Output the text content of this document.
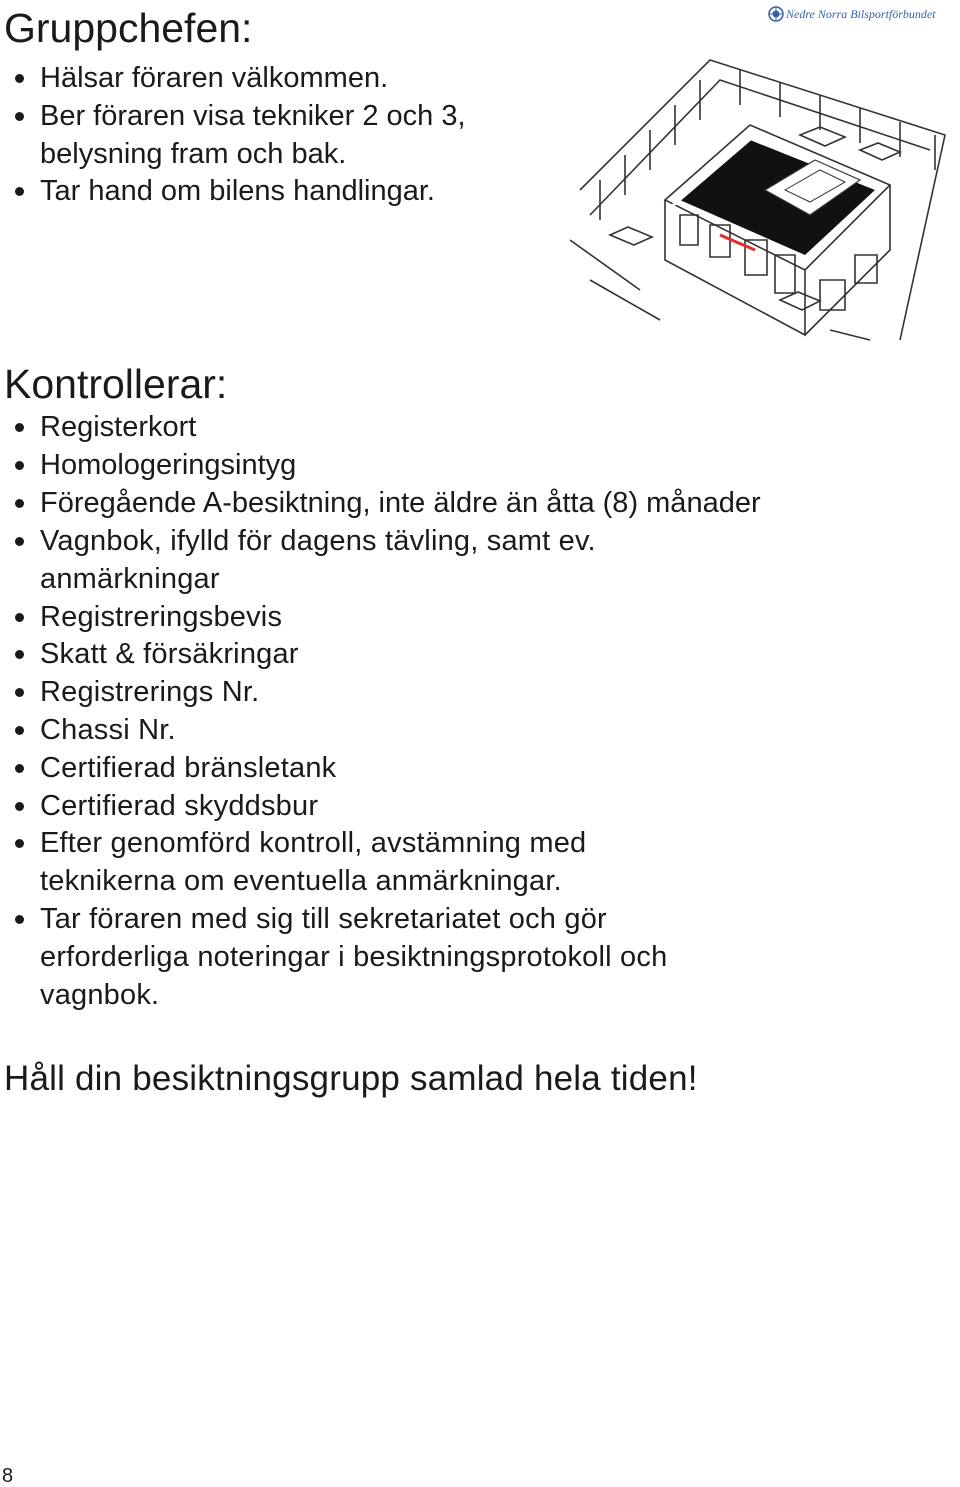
Gruppchefen:
Hälsar föraren välkommen.
Ber föraren visa tekniker 2 och 3,
belysning fram och bak.
Tar hand om bilens handlingar.
Nedre Norra Bilsportförbundet
Kontrollerar:
Registerkort
Homologeringsintyg
Föregående A-besiktning, inte äldre än åtta (8) månader
Vagnbok, ifylld för dagens tävling, samt ev.
anmärkningar
Registreringsbevis
Skatt & försäkringar
Registrerings Nr.
Chassi Nr.
Certifierad bränsletank
Certifierad skyddsbur
Efter genomförd kontroll, avstämning med
teknikerna om eventuella anmärkningar.
Tar föraren med sig till sekretariatet och gör
erforderliga noteringar i besiktningsprotokoll och
vagnbok.
Håll din besiktningsgrupp samlad hela tiden!
8
